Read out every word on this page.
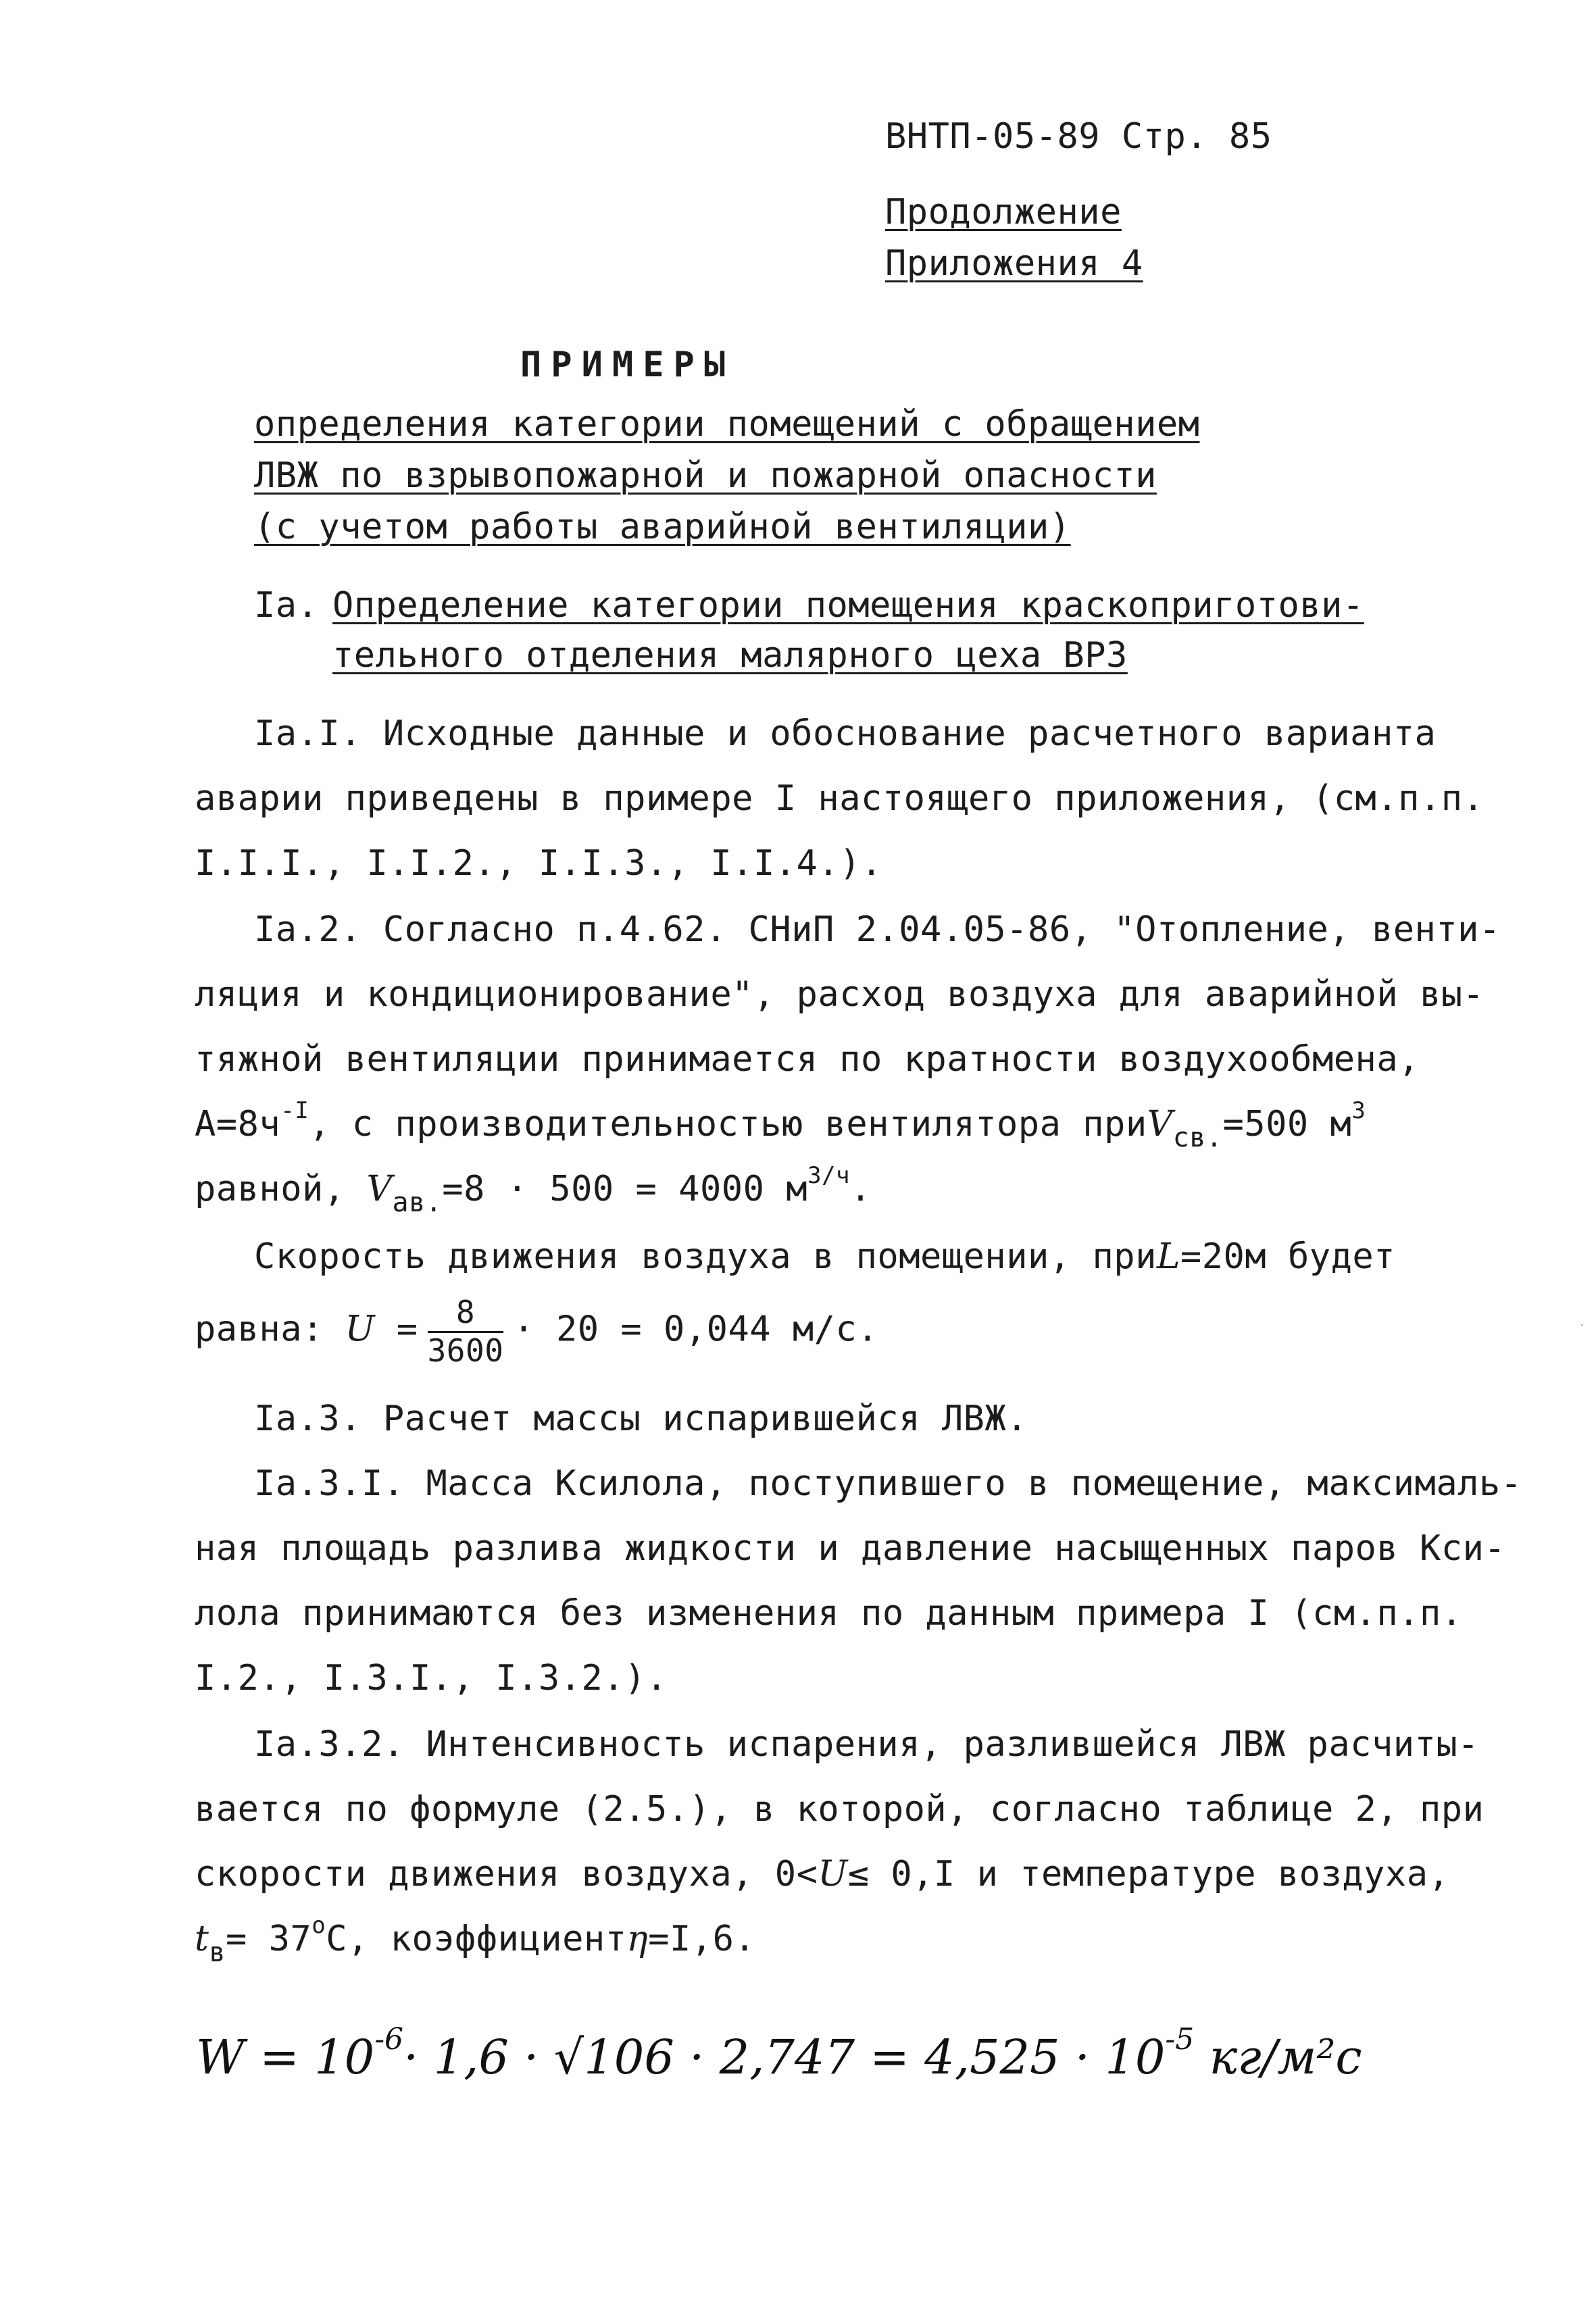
ВНТП-05-89 Стр. 85
Продолжение
Приложения 4
ПРИМЕРЫ
определения категории помещений с обращением
ЛВЖ по взрывопожарной и пожарной опасности
(с учетом работы аварийной вентиляции)
Iа. Определение категории помещения краскоприготови-
тельного отделения малярного цеха ВРЗ
Iа.I. Исходные данные и обоснование расчетного варианта
аварии приведены в примере I настоящего приложения, (см.п.п.
I.I.I., I.I.2., I.I.3., I.I.4.).
Iа.2. Согласно п.4.62. СНиП 2.04.05-86, "Отопление, венти-
ляция и кондиционирование", расход воздуха для аварийной вы-
тяжной вентиляции принимается по кратности воздухообмена,
$А=8ч^{-I}$, с производительностью вентилятора приV$_{св.}$=500 $м^3$
равной, $V_{ав.}=8 \cdot 500 = 4000$ $м^{3/ч}$.
Скорость движения воздуха в помещении, приL=20м будет
равна: $U = \frac{8}{3600} \cdot 20 = 0,044$ м/с.
Iа.3. Расчет массы испарившейся ЛВЖ.
Iа.3.I. Масса Ксилола, поступившего в помещение, максималь-
ная площадь разлива жидкости и давление насыщенных паров Кси-
лола принимаются без изменения по данным примера I (см.п.п.
I.2., I.3.I., I.3.2.).
Iа.3.2. Интенсивность испарения, разлившейся ЛВЖ расчиты-
вается по формуле (2.5.), в которой, согласно таблице 2, при
скорости движения воздуха, 0<U≤ 0,I и температуре воздуха,
$t_в= 37^оС$, коэффициентη=I,6.
$W = 10^{-6}\cdot 1,6 \cdot √106 \cdot 2,747 = 4,525 \cdot 10^{-5}$ кг/м²с
